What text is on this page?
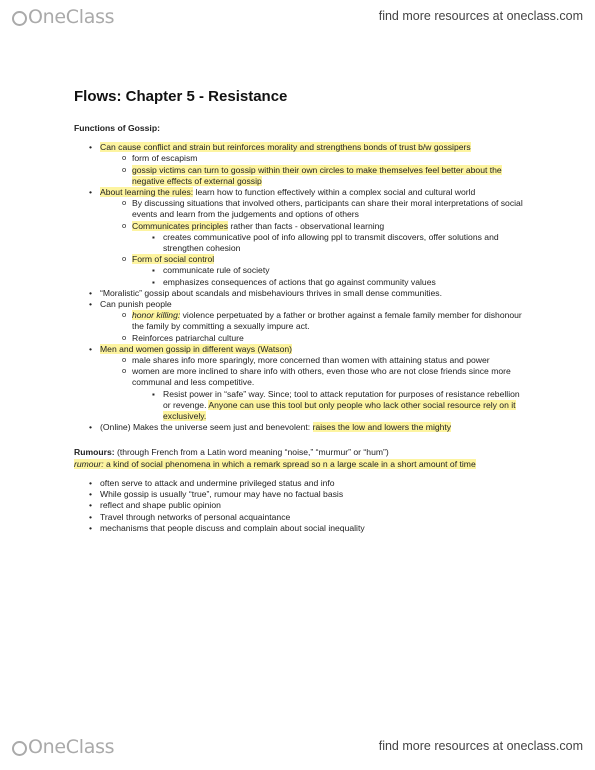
OneClass	find more resources at oneclass.com
Flows: Chapter 5 - Resistance
Functions of Gossip:
• Can cause conflict and strain but reinforces morality and strengthens bonds of trust b/w gossipers
o form of escapism
o gossip victims can turn to gossip within their own circles to make themselves feel better about the negative effects of external gossip
• About learning the rules: learn how to function effectively within a complex social and cultural world
o By discussing situations that involved others, participants can share their moral interpretations of social events and learn from the judgements and options of others
o Communicates principles rather than facts - observational learning
▪ creates communicative pool of info allowing ppl to transmit discovers, offer solutions and strengthen cohesion
o Form of social control
▪ communicate rule of society
▪ emphasizes consequences of actions that go against community values
• “Moralistic” gossip about scandals and misbehaviours thrives in small dense communities.
• Can punish people
o honor killing: violence perpetuated by a father or brother against a female family member for dishonour the family by committing a sexually impure act.
o Reinforces patriarchal culture
• Men and women gossip in different ways (Watson)
o male shares info more sparingly, more concerned than women with attaining status and power
o women are more inclined to share info with others, even those who are not close friends since more communal and less competitive.
▪ Resist power in “safe” way. Since; tool to attack reputation for purposes of resistance rebellion or revenge. Anyone can use this tool but only people who lack other social resource rely on it exclusively.
• (Online) Makes the universe seem just and benevolent: raises the low and lowers the mighty
Rumours: (through French from a Latin word meaning “noise,” “murmur” or “hum”)
rumour: a kind of social phenomena in which a remark spread so n a large scale in a short amount of time
• often serve to attack and undermine privileged status and info
• While gossip is usually “true”, rumour may have no factual basis
• reflect and shape public opinion
• Travel through networks of personal acquaintance
• mechanisms that people discuss and complain about social inequality
OneClass	find more resources at oneclass.com
